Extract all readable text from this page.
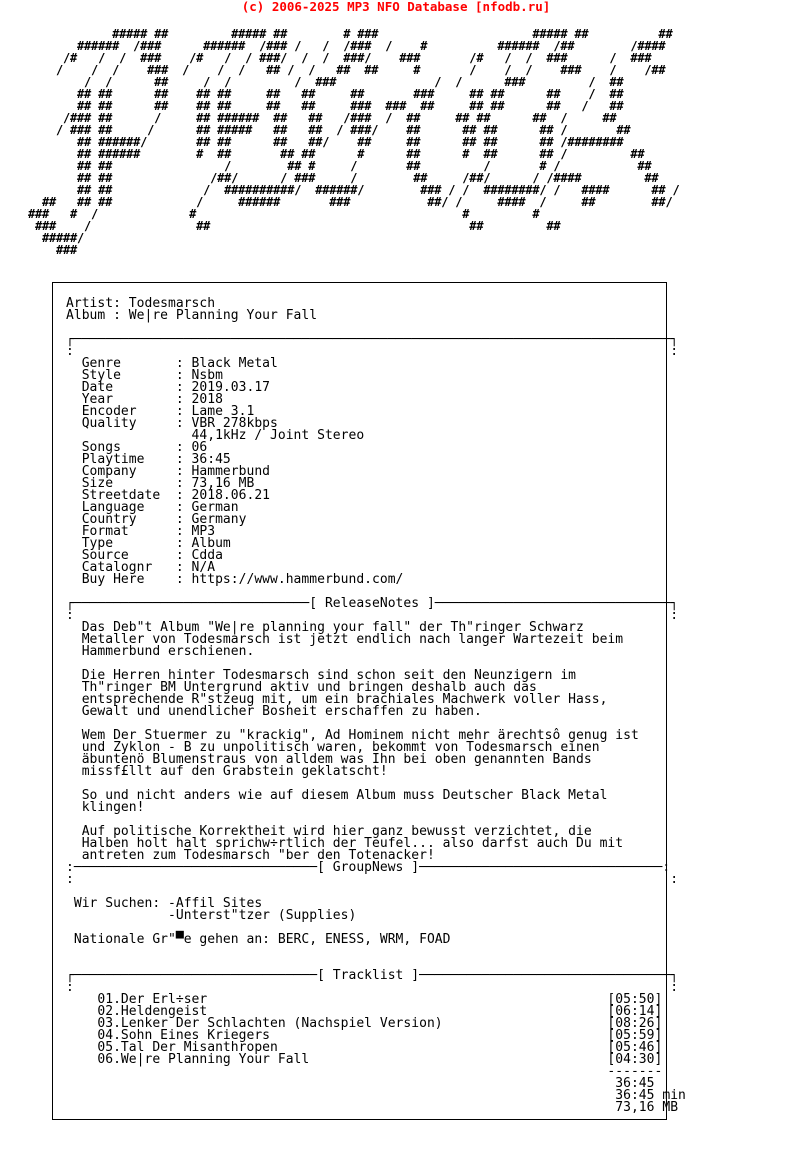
(c) 2006-2025 MP3 NFO Database [nfodb.ru]
##### ##         ##### ##        # ###                      ##### ##          ##
######  /###      ######  /### /   /  /###  /    #          ######  /##        /####
/#   /  /  ###    /#   /  / ###/  /  /  ###/    ###       /#   /  /  ###      /  ###
/    /  /    ###  /    /  /   ## /  /   ##  ##     #       /    /  /    ###    /    /##
/  /      ##     /  /         /  ###              /  /      ###         /  ##
## ##      ##    ## ##     ##   ##     ##       ###     ## ##      ##    /  ##
## ##      ##    ## ##     ##   ##     ###  ###  ##     ## ##      ##   /   ##
/### ##      /     ## ######  ##   ##   /###  /  ##     ## ##      ##  /     ##
/ ### ##     /      ## #####   ##   ##  / ###/    ##      ## ##      ## /       ##
## ######/       ## ##      ##   ##/    ##     ##      ## ##      ## /########
## ######        #  ##       ## ##      #      ##      #  ##      ## /         ##
## ##                /        ## #     /       ##         /       # /           ##
## ##              /##/      / ###     /        ##     /##/      / /####         ##
## ##             /  ##########/  ######/        ### / /  ########/ /   ####      ## /
##   ## ##            /     ######       ###           ##/ /     ####  /     ##        ##/
###   #  /             #                                      #         #
###    /               ##                                     ##         ##
#####/
###
Artist: Todesmarsch
Album : We|re Planning Your Fall

┌────────────────────────────────────────────────────────────────────────────┐
:                                                                            :
Genre       : Black Metal
Style       : Nsbm
Date        : 2019.03.17
Year        : 2018
Encoder     : Lame 3.1
Quality     : VBR 278kbps
44,1kHz / Joint Stereo
Songs       : 06
Playtime    : 36:45
Company     : Hammerbund
Size        : 73,16 MB
Streetdate  : 2018.06.21
Language    : German
Country     : Germany
Format      : MP3
Type        : Album
Source      : Cdda
Catalognr   : N/A
Buy Here    : https://www.hammerbund.com/

┌──────────────────────────────[ ReleaseNotes ]──────────────────────────────┐
:                                                                            :
Das Deb"t Album "We|re planning your fall" der Th"ringer Schwarz
Metaller von Todesmarsch ist jetzt endlich nach langer Wartezeit beim
Hammerbund erschienen.

Die Herren hinter Todesmarsch sind schon seit den Neunzigern im
Th"ringer BM Untergrund aktiv und bringen deshalb auch das
entsprechende R"stzeug mit, um ein brachiales Machwerk voller Hass,
Gewalt und unendlicher Bosheit erschaffen zu haben.

Wem Der Stuermer zu "krackig", Ad Hominem nicht mehr ärechtsô genug ist
und Zyklon - B zu unpolitisch waren, bekommt von Todesmarsch einen
äbuntenö Blumenstraus von alldem was Ihn bei oben genannten Bands
missf£llt auf den Grabstein geklatscht!

So und nicht anders wie auf diesem Album muss Deutscher Black Metal
klingen!

Auf politische Korrektheit wird hier ganz bewusst verzichtet, die
Halben holt halt sprichw÷rtlich der Teufel... also darfst auch Du mit
antreten zum Todesmarsch "ber den Totenacker!
:───────────────────────────────[ GroupNews ]───────────────────────────────:
:                                                                            :

Wir Suchen: -Affil Sites
-Unterst"tzer (Supplies)

Nationale Gr"▀e gehen an: BERC, ENESS, WRM, FOAD

┌───────────────────────────────[ Tracklist ]────────────────────────────────┐
:                                                                            :
01.Der Erl÷ser                                                   [05:50]
02.Heldengeist                                                   [06:14]
03.Lenker Der Schlachten (Nachspiel Version)                     [08:26]
04.Sohn Eines Kriegers                                           [05:59]
05.Tal Der Misanthropen                                          [05:46]
06.We|re Planning Your Fall                                      [04:30]
-------
36:45
36:45 min
73,16 MB
